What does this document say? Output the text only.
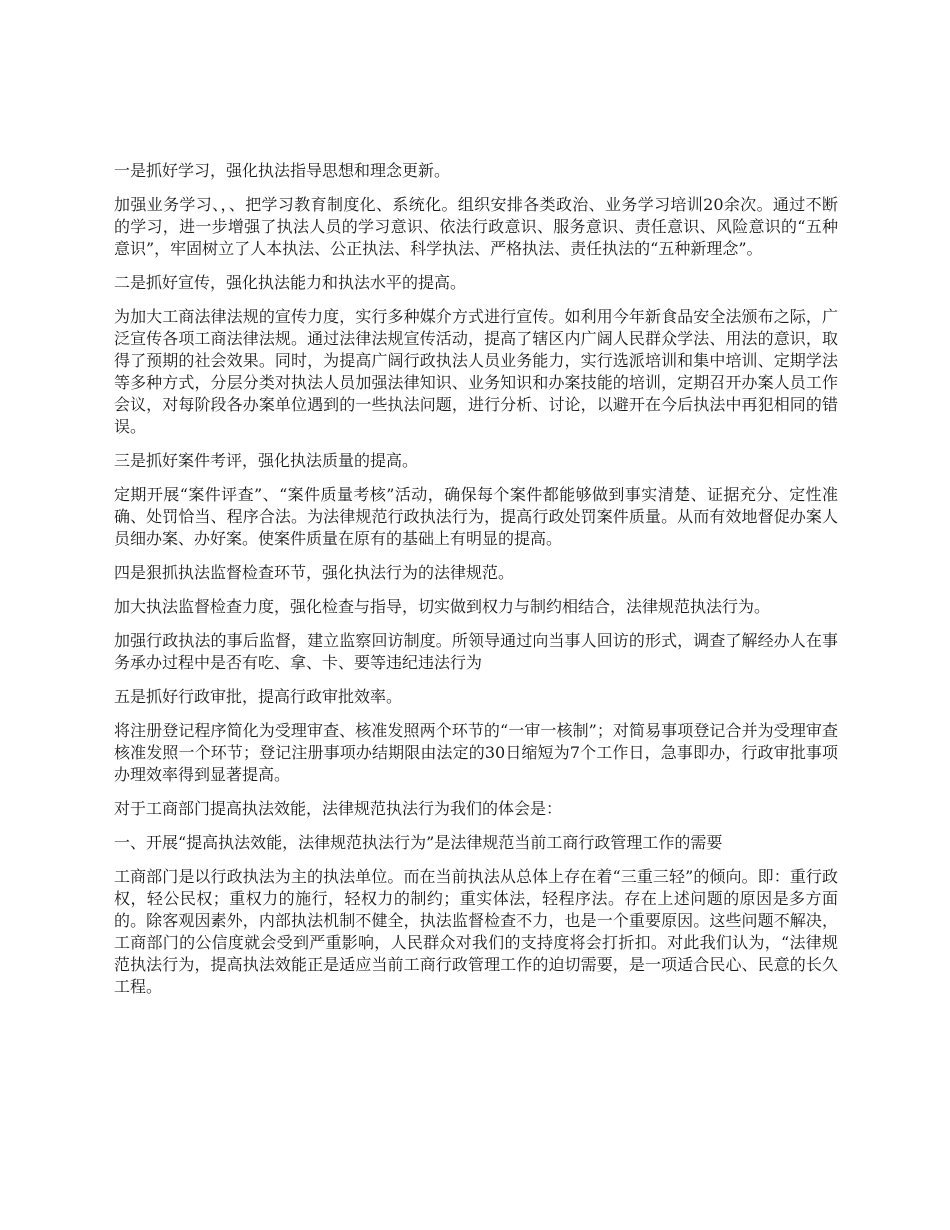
一是抓好学习，强化执法指导思想和理念更新。

加强业务学习、，、把学习教育制度化、系统化。组织安排各类政治、业务学习培训20余次。通过不断的学习，进一步增强了执法人员的学习意识、依法行政意识、服务意识、责任意识、风险意识的“五种意识”，牢固树立了人本执法、公正执法、科学执法、严格执法、责任执法的“五种新理念”。

二是抓好宣传，强化执法能力和执法水平的提高。

为加大工商法律法规的宣传力度，实行多种媒介方式进行宣传。如利用今年新食品安全法颁布之际，广泛宣传各项工商法律法规。通过法律法规宣传活动，提高了辖区内广阔人民群众学法、用法的意识，取得了预期的社会效果。同时，为提高广阔行政执法人员业务能力，实行选派培训和集中培训、定期学法等多种方式，分层分类对执法人员加强法律知识、业务知识和办案技能的培训，定期召开办案人员工作会议，对每阶段各办案单位遇到的一些执法问题，进行分析、讨论，以避开在今后执法中再犯相同的错误。

三是抓好案件考评，强化执法质量的提高。

定期开展“案件评查”、“案件质量考核”活动，确保每个案件都能够做到事实清楚、证据充分、定性准确、处罚恰当、程序合法。为法律规范行政执法行为，提高行政处罚案件质量。从而有效地督促办案人员细办案、办好案。使案件质量在原有的基础上有明显的提高。

四是狠抓执法监督检查环节，强化执法行为的法律规范。

加大执法监督检查力度，强化检查与指导，切实做到权力与制约相结合，法律规范执法行为。

加强行政执法的事后监督，建立监察回访制度。所领导通过向当事人回访的形式，调查了解经办人在事务承办过程中是否有吃、拿、卡、要等违纪违法行为

五是抓好行政审批，提高行政审批效率。

将注册登记程序简化为受理审查、核准发照两个环节的“一审一核制”；对简易事项登记合并为受理审查核准发照一个环节；登记注册事项办结期限由法定的30日缩短为7个工作日，急事即办，行政审批事项办理效率得到显著提高。

对于工商部门提高执法效能，法律规范执法行为我们的体会是：

一、开展“提高执法效能，法律规范执法行为”是法律规范当前工商行政管理工作的需要

工商部门是以行政执法为主的执法单位。而在当前执法从总体上存在着“三重三轻”的倾向。即：重行政权，轻公民权；重权力的施行，轻权力的制约；重实体法，轻程序法。存在上述问题的原因是多方面的。除客观因素外，内部执法机制不健全，执法监督检查不力，也是一个重要原因。这些问题不解决，工商部门的公信度就会受到严重影响，人民群众对我们的支持度将会打折扣。对此我们认为，“法律规范执法行为，提高执法效能正是适应当前工商行政管理工作的迫切需要，是一项适合民心、民意的长久工程。
